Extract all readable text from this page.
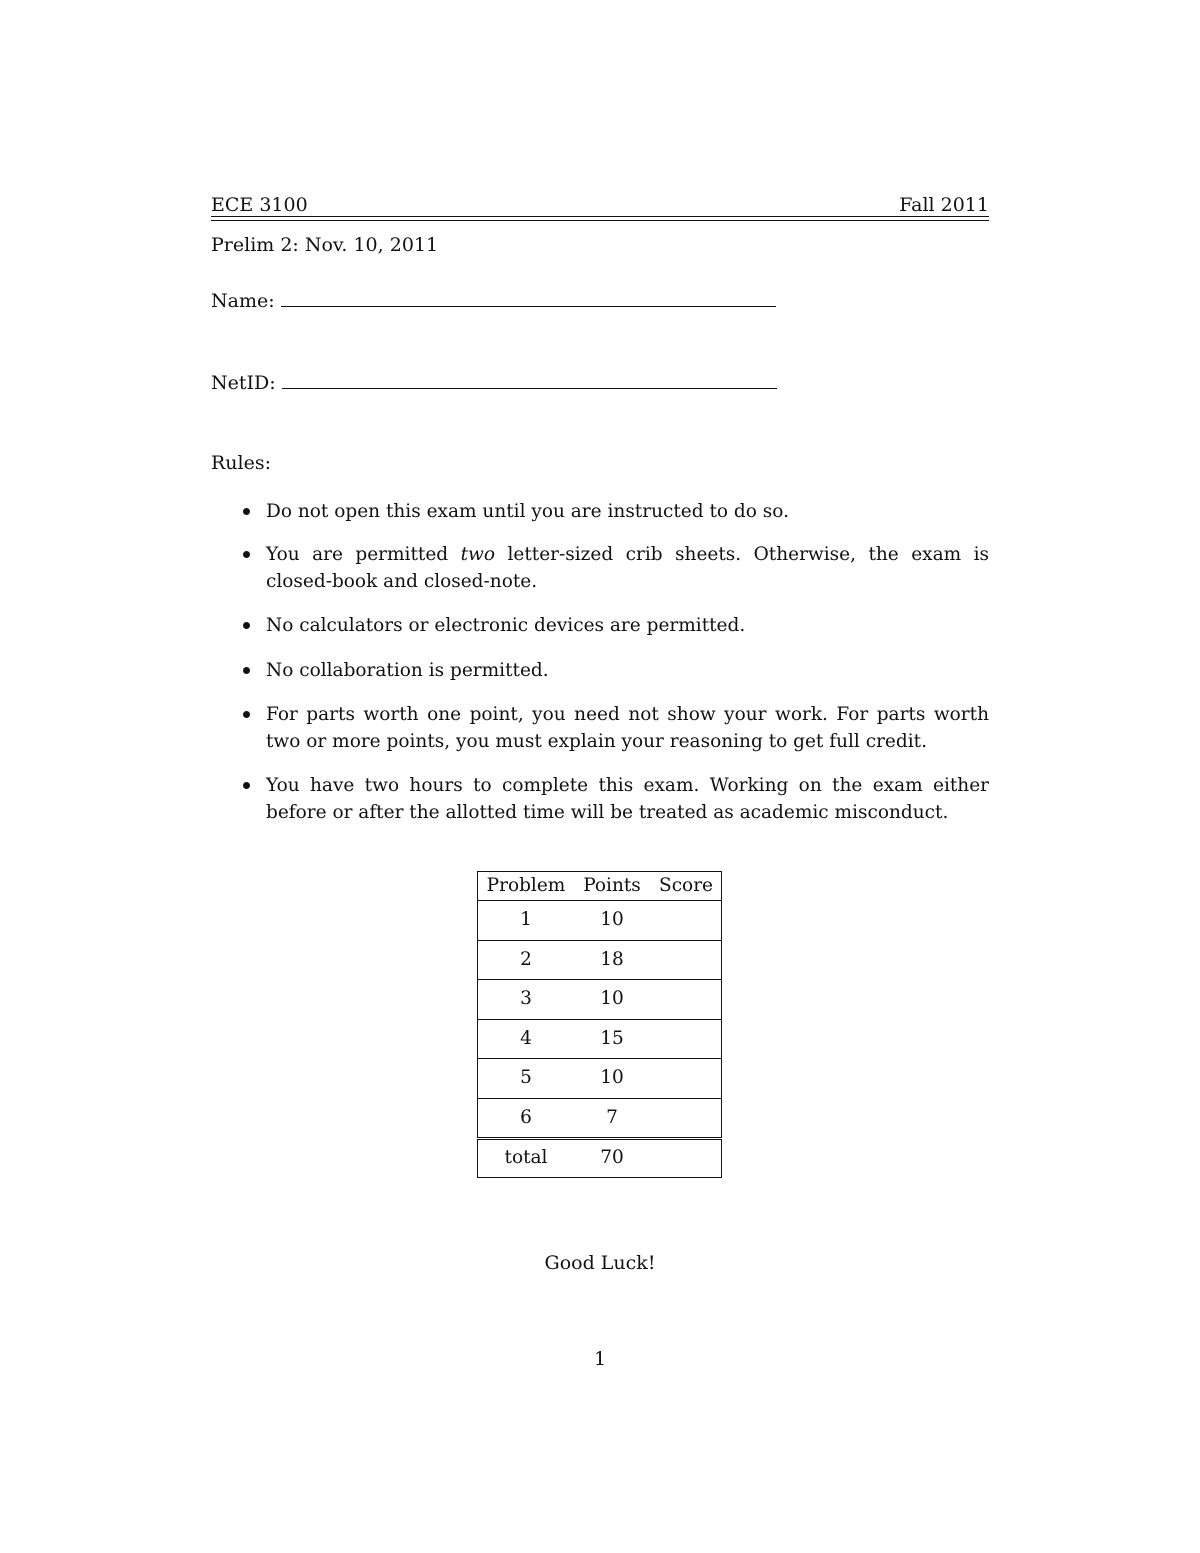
ECE 3100	Fall 2011
Prelim 2: Nov. 10, 2011
Name:
NetID:
Rules:
Do not open this exam until you are instructed to do so.
You are permitted two letter-sized crib sheets. Otherwise, the exam is closed-book and closed-note.
No calculators or electronic devices are permitted.
No collaboration is permitted.
For parts worth one point, you need not show your work. For parts worth two or more points, you must explain your reasoning to get full credit.
You have two hours to complete this exam. Working on the exam either before or after the allotted time will be treated as academic misconduct.
Problem Points Score
1	10
2	18
3	10
4	15
5	10
6	7
total	70
Good Luck!
1
